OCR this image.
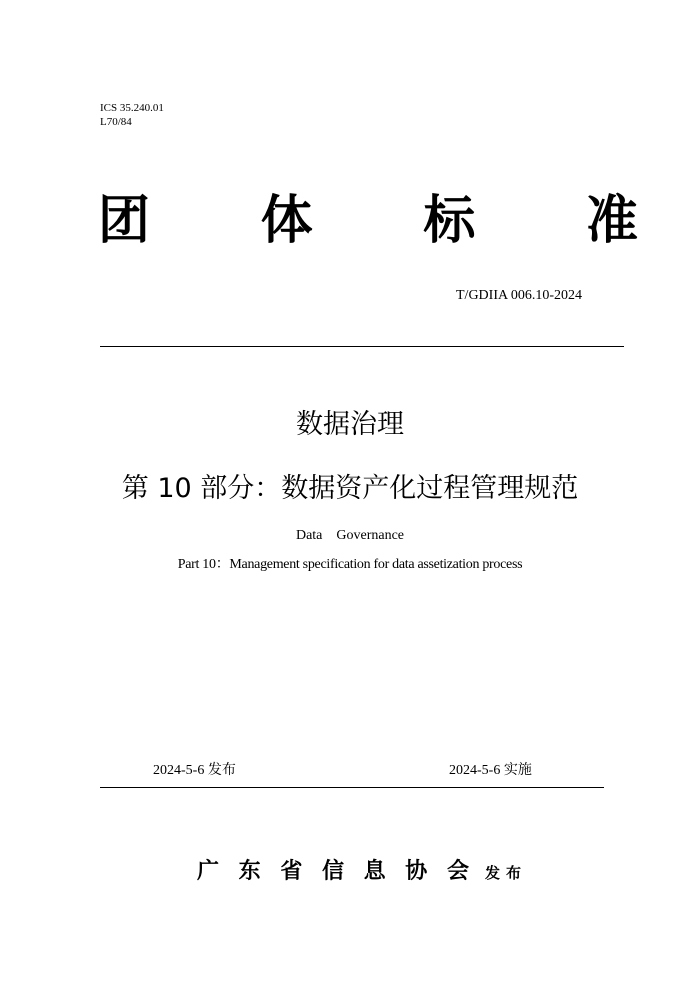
ICS 35.240.01
L70/84
团 体 标 准
T/GDIIA 006.10-2024
数据治理
第 10 部分：数据资产化过程管理规范
Data    Governance
Part 10：Management specification for data assetization process
2024-5-6 发布	2024-5-6 实施
广 东 省 信 息 协 会 发布
